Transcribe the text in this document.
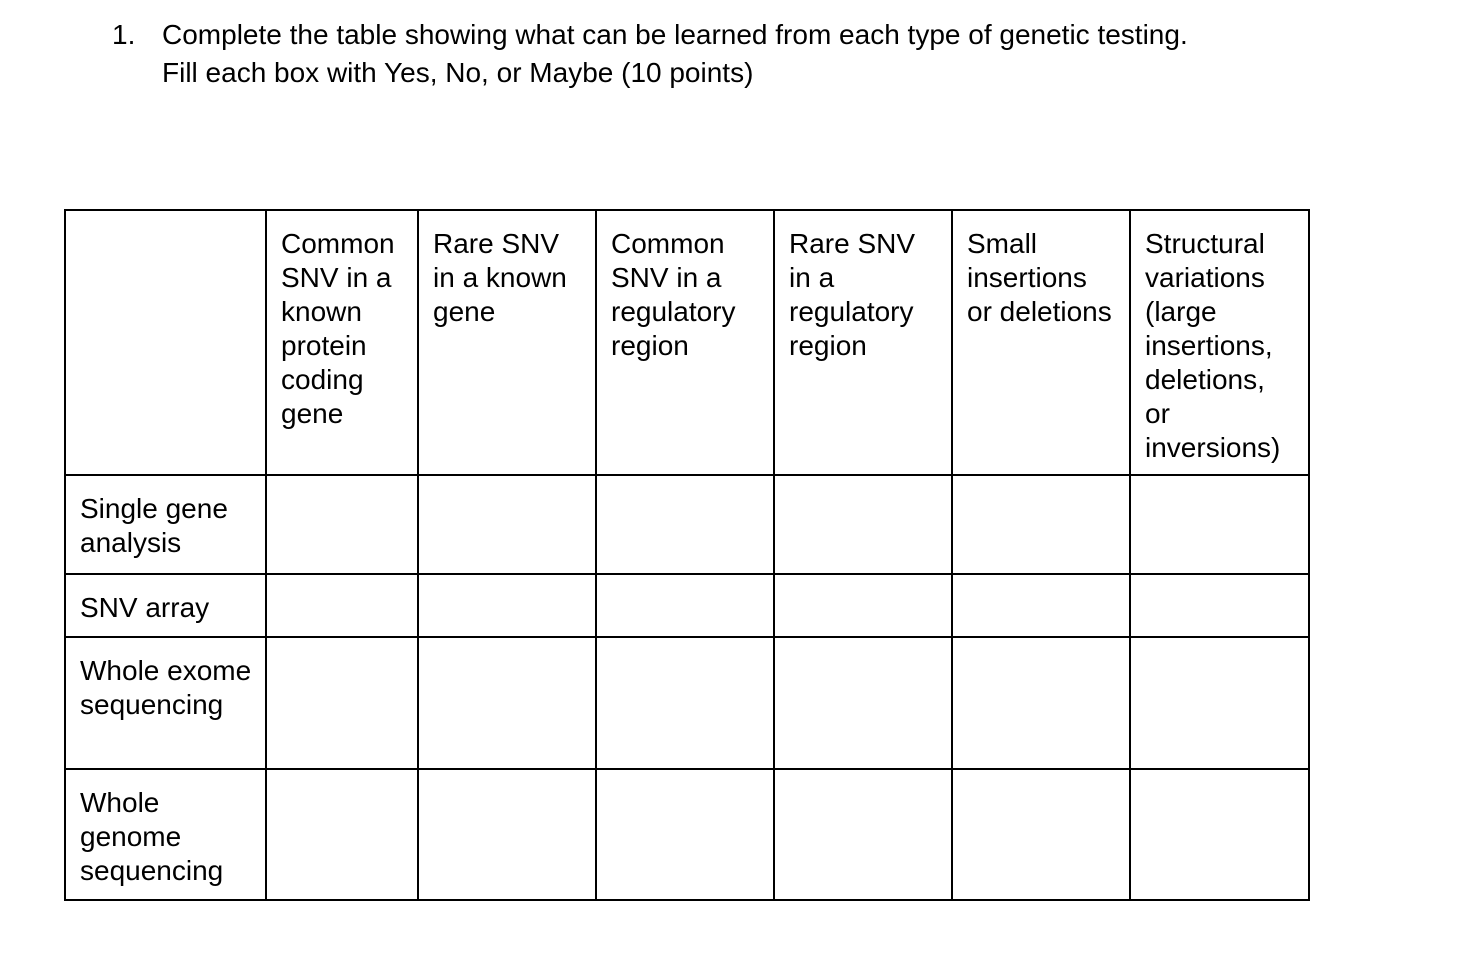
1. Complete the table showing what can be learned from each type of genetic testing.
Fill each box with Yes, No, or Maybe (10 points)
	Common SNV in a known protein coding gene	Rare SNV in a known gene	Common SNV in a regulatory region	Rare SNV in a regulatory region	Small insertions or deletions	Structural variations (large insertions, deletions, or inversions)
Single gene analysis						
SNV array						
Whole exome sequencing						
Whole genome sequencing						
